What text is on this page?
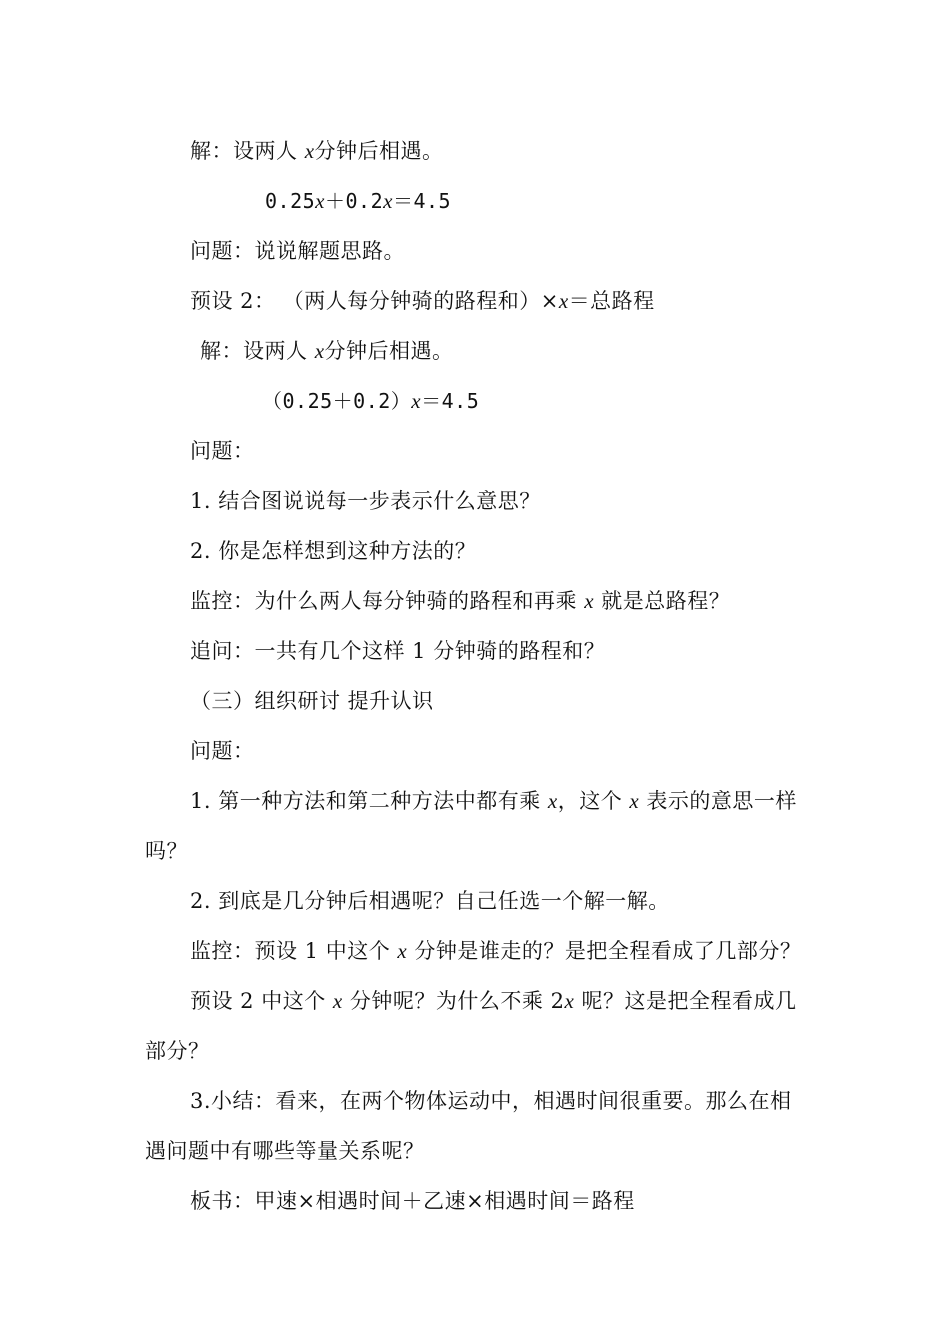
解：设两人 x分钟后相遇。
0.25x＋0.2x＝4.5
问题：说说解题思路。
预设 2： （两人每分钟骑的路程和）×x＝总路程
解：设两人 x分钟后相遇。
（0.25＋0.2）x＝4.5
问题：
1. 结合图说说每一步表示什么意思？
2. 你是怎样想到这种方法的？
监控：为什么两人每分钟骑的路程和再乘 x 就是总路程？
追问：一共有几个这样 1 分钟骑的路程和？
（三）组织研讨 提升认识
问题：
1. 第一种方法和第二种方法中都有乘 x，这个 x 表示的意思一样吗？
2. 到底是几分钟后相遇呢？自己任选一个解一解。
监控：预设 1 中这个 x 分钟是谁走的？是把全程看成了几部分？
预设 2 中这个 x 分钟呢？为什么不乘 2x 呢？这是把全程看成几部分？
3.小结：看来，在两个物体运动中，相遇时间很重要。那么在相遇问题中有哪些等量关系呢？
板书：甲速×相遇时间＋乙速×相遇时间＝路程
